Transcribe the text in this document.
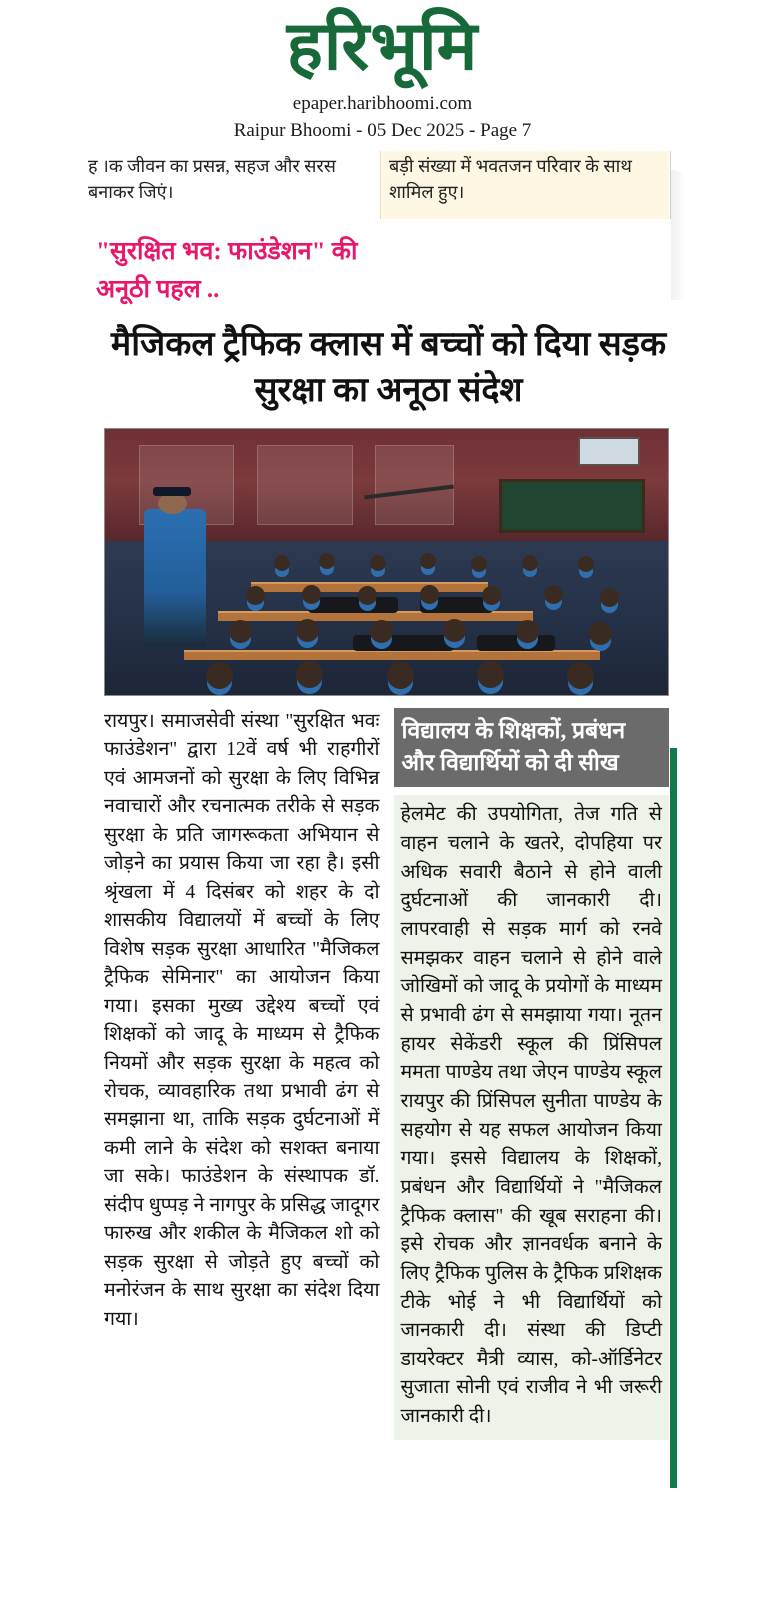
हरिभूमि
epaper.haribhoomi.com
Raipur Bhoomi - 05 Dec 2025 - Page 7
ह ।क जीवन का प्रसन्न, सहज और सरस बनाकर जिएं।
बड़ी संख्या में भवतजन परिवार के साथ शामिल हुए।
"सुरक्षित भव: फाउंडेशन" की
अनूठी पहल ..
मैजिकल ट्रैफिक क्लास में बच्चों को दिया सड़क सुरक्षा का अनूठा संदेश

रायपुर। समाजसेवी संस्था "सुरक्षित भवः फाउंडेशन" द्वारा 12वें वर्ष भी राहगीरों एवं आमजनों को सुरक्षा के लिए विभिन्न नवाचारों और रचनात्मक तरीके से सड़क सुरक्षा के प्रति जागरूकता अभियान से जोड़ने का प्रयास किया जा रहा है। इसी श्रृंखला में 4 दिसंबर को शहर के दो शासकीय विद्यालयों में बच्चों के लिए विशेष सड़क सुरक्षा आधारित "मैजिकल ट्रैफिक सेमिनार" का आयोजन किया गया। इसका मुख्य उद्देश्य बच्चों एवं शिक्षकों को जादू के माध्यम से ट्रैफिक नियमों और सड़क सुरक्षा के महत्व को रोचक, व्यावहारिक तथा प्रभावी ढंग से समझाना था, ताकि सड़क दुर्घटनाओं में कमी लाने के संदेश को सशक्त बनाया जा सके। फाउंडेशन के संस्थापक डॉ. संदीप धुप्पड़ ने नागपुर के प्रसिद्ध जादूगर फारुख और शकील के मैजिकल शो को सड़क सुरक्षा से जोड़ते हुए बच्चों को मनोरंजन के साथ सुरक्षा का संदेश दिया गया।

विद्यालय के शिक्षकों, प्रबंधन और विद्यार्थियों को दी सीख

हेलमेट की उपयोगिता, तेज गति से वाहन चलाने के खतरे, दोपहिया पर अधिक सवारी बैठाने से होने वाली दुर्घटनाओं की जानकारी दी। लापरवाही से सड़क मार्ग को रनवे समझकर वाहन चलाने से होने वाले जोखिमों को जादू के प्रयोगों के माध्यम से प्रभावी ढंग से समझाया गया। नूतन हायर सेकेंडरी स्कूल की प्रिंसिपल ममता पाण्डेय तथा जेएन पाण्डेय स्कूल रायपुर की प्रिंसिपल सुनीता पाण्डेय के सहयोग से यह सफल आयोजन किया गया। इससे विद्यालय के शिक्षकों, प्रबंधन और विद्यार्थियों ने "मैजिकल ट्रैफिक क्लास" की खूब सराहना की। इसे रोचक और ज्ञानवर्धक बनाने के लिए ट्रैफिक पुलिस के ट्रैफिक प्रशिक्षक टीके भोई ने भी विद्यार्थियों को जानकारी दी। संस्था की डिप्टी डायरेक्टर मैत्री व्यास, को-ऑर्डिनेटर सुजाता सोनी एवं राजीव ने भी जरूरी जानकारी दी।
